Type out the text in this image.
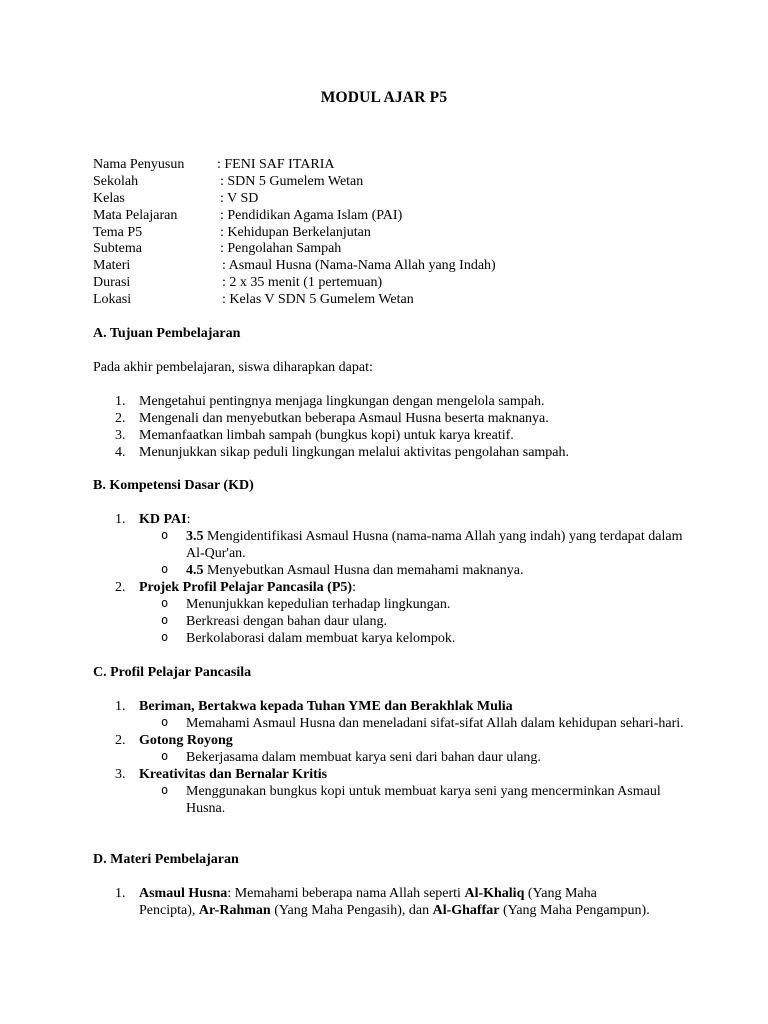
MODUL AJAR P5
Nama Penyusun : FENI SAF ITARIA
Sekolah	: SDN 5 Gumelem Wetan
Kelas	: V SD
Mata Pelajaran	: Pendidikan Agama Islam (PAI)
Tema P5	: Kehidupan Berkelanjutan
Subtema	: Pengolahan Sampah
Materi	: Asmaul Husna (Nama-Nama Allah yang Indah)
Durasi	: 2 x 35 menit (1 pertemuan)
Lokasi	: Kelas V SDN 5 Gumelem Wetan
A. Tujuan Pembelajaran
Pada akhir pembelajaran, siswa diharapkan dapat:
1. Mengetahui pentingnya menjaga lingkungan dengan mengelola sampah.
2. Mengenali dan menyebutkan beberapa Asmaul Husna beserta maknanya.
3. Memanfaatkan limbah sampah (bungkus kopi) untuk karya kreatif.
4. Menunjukkan sikap peduli lingkungan melalui aktivitas pengolahan sampah.
B. Kompetensi Dasar (KD)
1. KD PAI:
o 3.5 Mengidentifikasi Asmaul Husna (nama-nama Allah yang indah) yang terdapat dalam Al-Qur'an.
o 4.5 Menyebutkan Asmaul Husna dan memahami maknanya.
2. Projek Profil Pelajar Pancasila (P5):
o Menunjukkan kepedulian terhadap lingkungan.
o Berkreasi dengan bahan daur ulang.
o Berkolaborasi dalam membuat karya kelompok.
C. Profil Pelajar Pancasila
1. Beriman, Bertakwa kepada Tuhan YME dan Berakhlak Mulia
o Memahami Asmaul Husna dan meneladani sifat-sifat Allah dalam kehidupan sehari-hari.
2. Gotong Royong
o Bekerjasama dalam membuat karya seni dari bahan daur ulang.
3. Kreativitas dan Bernalar Kritis
o Menggunakan bungkus kopi untuk membuat karya seni yang mencerminkan Asmaul Husna.
D. Materi Pembelajaran
1. Asmaul Husna: Memahami beberapa nama Allah seperti Al-Khaliq (Yang Maha Pencipta), Ar-Rahman (Yang Maha Pengasih), dan Al-Ghaffar (Yang Maha Pengampun).
